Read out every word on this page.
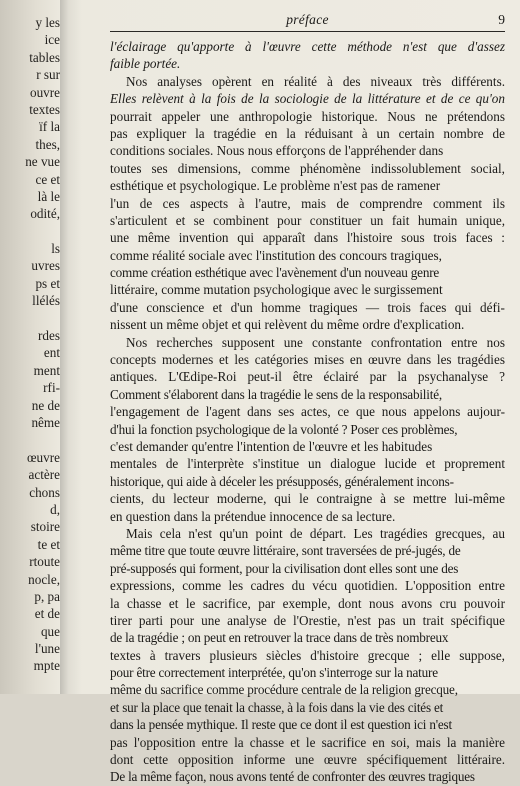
y les
ice
tables
r sur
ouvre
textes
ïf la
thes,
ne vue
ce et
là le
odité,
ls
uvres
ps et
llélés
rdes
ent
ment
rfi-
ne de
nême
œuvre
actère
chons
d,
stoire
te et
rtoute
nocle,
p, pa
et de
que
l'une
mpte
préface	9
l'éclairage qu'apporte à l'œuvre cette méthode n'est que d'assez
faible portée.
Nos analyses opèrent en réalité à des niveaux très différents.
Elles relèvent à la fois de la sociologie de la littérature et de ce qu'on
pourrait appeler une anthropologie historique. Nous ne prétendons
pas expliquer la tragédie en la réduisant à un certain nombre de
conditions sociales. Nous nous efforçons de l'appréhender dans
toutes ses dimensions, comme phénomène indissolublement social,
esthétique et psychologique. Le problème n'est pas de ramener
l'un de ces aspects à l'autre, mais de comprendre comment ils
s'articulent et se combinent pour constituer un fait humain unique,
une même invention qui apparaît dans l'histoire sous trois faces :
comme réalité sociale avec l'institution des concours tragiques,
comme création esthétique avec l'avènement d'un nouveau genre
littéraire, comme mutation psychologique avec le surgissement
d'une conscience et d'un homme tragiques — trois faces qui défi-
nissent un même objet et qui relèvent du même ordre d'explication.
Nos recherches supposent une constante confrontation entre nos
concepts modernes et les catégories mises en œuvre dans les tragédies
antiques. L'Œdipe-Roi peut-il être éclairé par la psychanalyse ?
Comment s'élaborent dans la tragédie le sens de la responsabilité,
l'engagement de l'agent dans ses actes, ce que nous appelons aujour-
d'hui la fonction psychologique de la volonté ? Poser ces problèmes,
c'est demander qu'entre l'intention de l'œuvre et les habitudes
mentales de l'interprète s'institue un dialogue lucide et proprement
historique, qui aide à déceler les présupposés, généralement incons-
cients, du lecteur moderne, qui le contraigne à se mettre lui-même
en question dans la prétendue innocence de sa lecture.
Mais cela n'est qu'un point de départ. Les tragédies grecques, au
même titre que toute œuvre littéraire, sont traversées de pré-jugés, de
pré-supposés qui forment, pour la civilisation dont elles sont une des
expressions, comme les cadres du vécu quotidien. L'opposition entre
la chasse et le sacrifice, par exemple, dont nous avons cru pouvoir
tirer parti pour une analyse de l'Orestie, n'est pas un trait spécifique
de la tragédie ; on peut en retrouver la trace dans de très nombreux
textes à travers plusieurs siècles d'histoire grecque ; elle suppose,
pour être correctement interprétée, qu'on s'interroge sur la nature
même du sacrifice comme procédure centrale de la religion grecque,
et sur la place que tenait la chasse, à la fois dans la vie des cités et
dans la pensée mythique. Il reste que ce dont il est question ici n'est
pas l'opposition entre la chasse et le sacrifice en soi, mais la manière
dont cette opposition informe une œuvre spécifiquement littéraire.
De la même façon, nous avons tenté de confronter des œuvres tragiques
